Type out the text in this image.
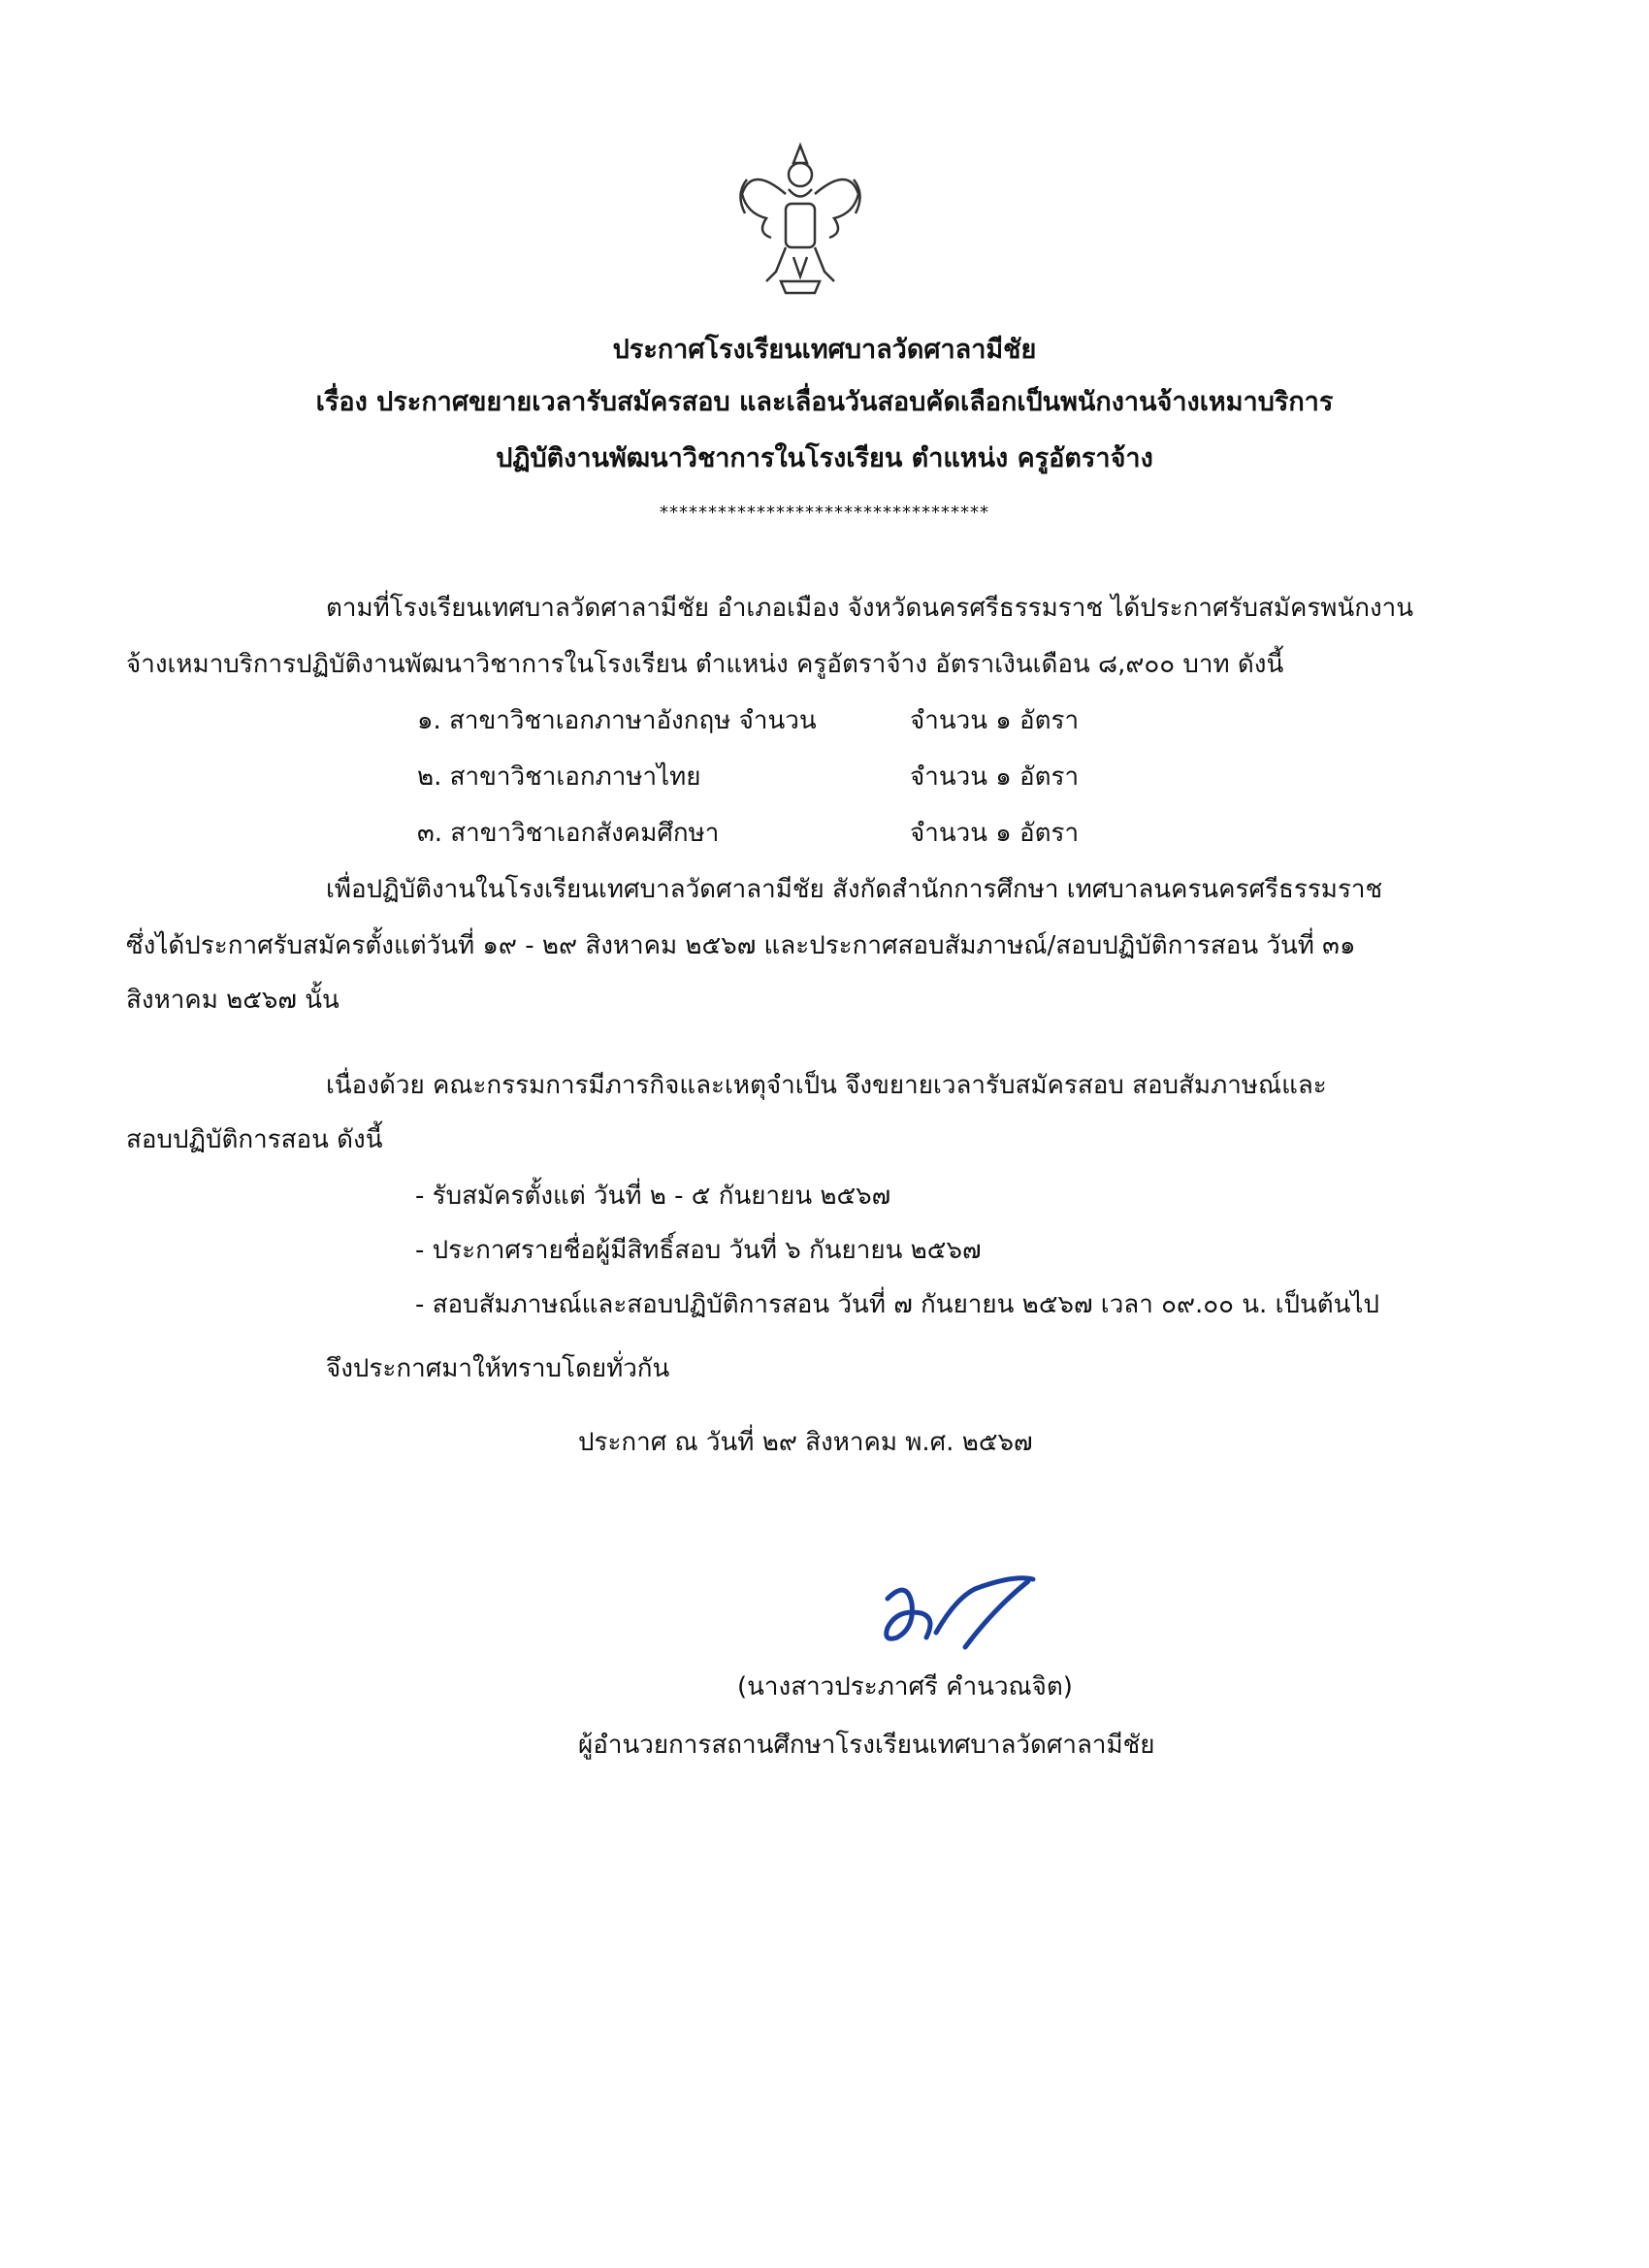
ประกาศโรงเรียนเทศบาลวัดศาลามีชัย
เรื่อง ประกาศขยายเวลารับสมัครสอบ และเลื่อนวันสอบคัดเลือกเป็นพนักงานจ้างเหมาบริการ
ปฏิบัติงานพัฒนาวิชาการในโรงเรียน ตำแหน่ง ครูอัตราจ้าง
**********************************
ตามที่โรงเรียนเทศบาลวัดศาลามีชัย อำเภอเมือง จังหวัดนครศรีธรรมราช ได้ประกาศรับสมัครพนักงาน
จ้างเหมาบริการปฏิบัติงานพัฒนาวิชาการในโรงเรียน ตำแหน่ง ครูอัตราจ้าง อัตราเงินเดือน ๘,๙๐๐ บาท ดังนี้
๑. สาขาวิชาเอกภาษาอังกฤษ จำนวน	จำนวน ๑ อัตรา
๒. สาขาวิชาเอกภาษาไทย	จำนวน ๑ อัตรา
๓. สาขาวิชาเอกสังคมศึกษา	จำนวน ๑ อัตรา
เพื่อปฏิบัติงานในโรงเรียนเทศบาลวัดศาลามีชัย สังกัดสำนักการศึกษา เทศบาลนครนครศรีธรรมราช
ซึ่งได้ประกาศรับสมัครตั้งแต่วันที่ ๑๙ - ๒๙ สิงหาคม ๒๕๖๗ และประกาศสอบสัมภาษณ์/สอบปฏิบัติการสอน วันที่ ๓๑
สิงหาคม ๒๕๖๗ นั้น
เนื่องด้วย คณะกรรมการมีภารกิจและเหตุจำเป็น จึงขยายเวลารับสมัครสอบ สอบสัมภาษณ์และ
สอบปฏิบัติการสอน ดังนี้
- รับสมัครตั้งแต่ วันที่ ๒ - ๕ กันยายน ๒๕๖๗
- ประกาศรายชื่อผู้มีสิทธิ์สอบ วันที่ ๖ กันยายน ๒๕๖๗
- สอบสัมภาษณ์และสอบปฏิบัติการสอน วันที่ ๗ กันยายน ๒๕๖๗ เวลา ๐๙.๐๐ น. เป็นต้นไป
จึงประกาศมาให้ทราบโดยทั่วกัน
ประกาศ ณ วันที่ ๒๙ สิงหาคม พ.ศ. ๒๕๖๗
(นางสาวประภาศรี คำนวณจิต)
ผู้อำนวยการสถานศึกษาโรงเรียนเทศบาลวัดศาลามีชัย
